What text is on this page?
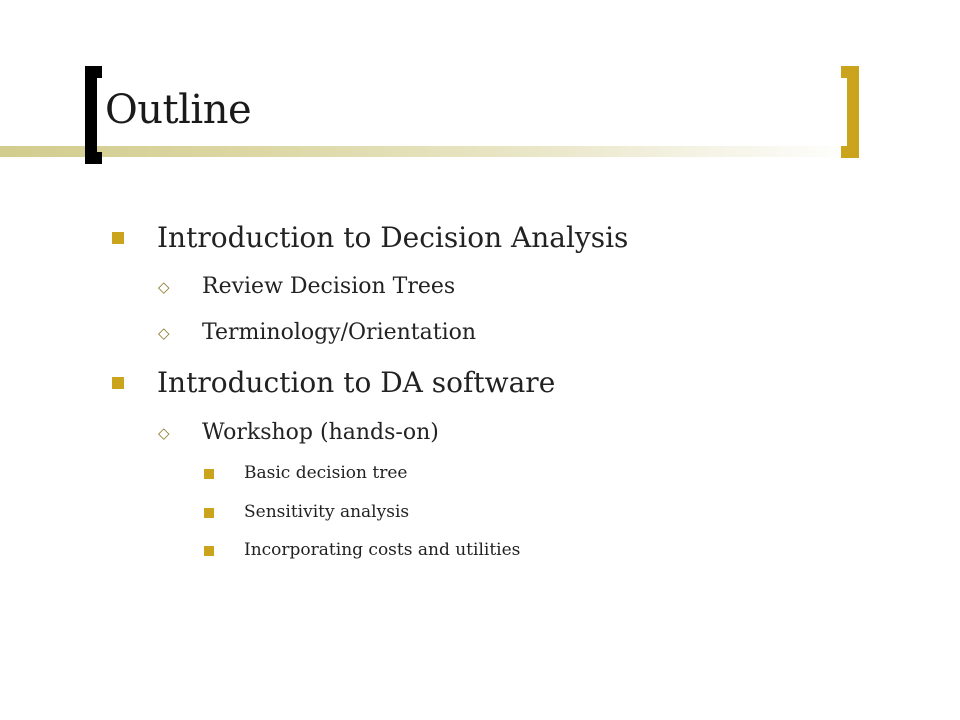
Outline
Introduction to Decision Analysis
◇ Review Decision Trees
◇ Terminology/Orientation
Introduction to DA software
◇ Workshop (hands-on)
Basic decision tree
Sensitivity analysis
Incorporating costs and utilities
